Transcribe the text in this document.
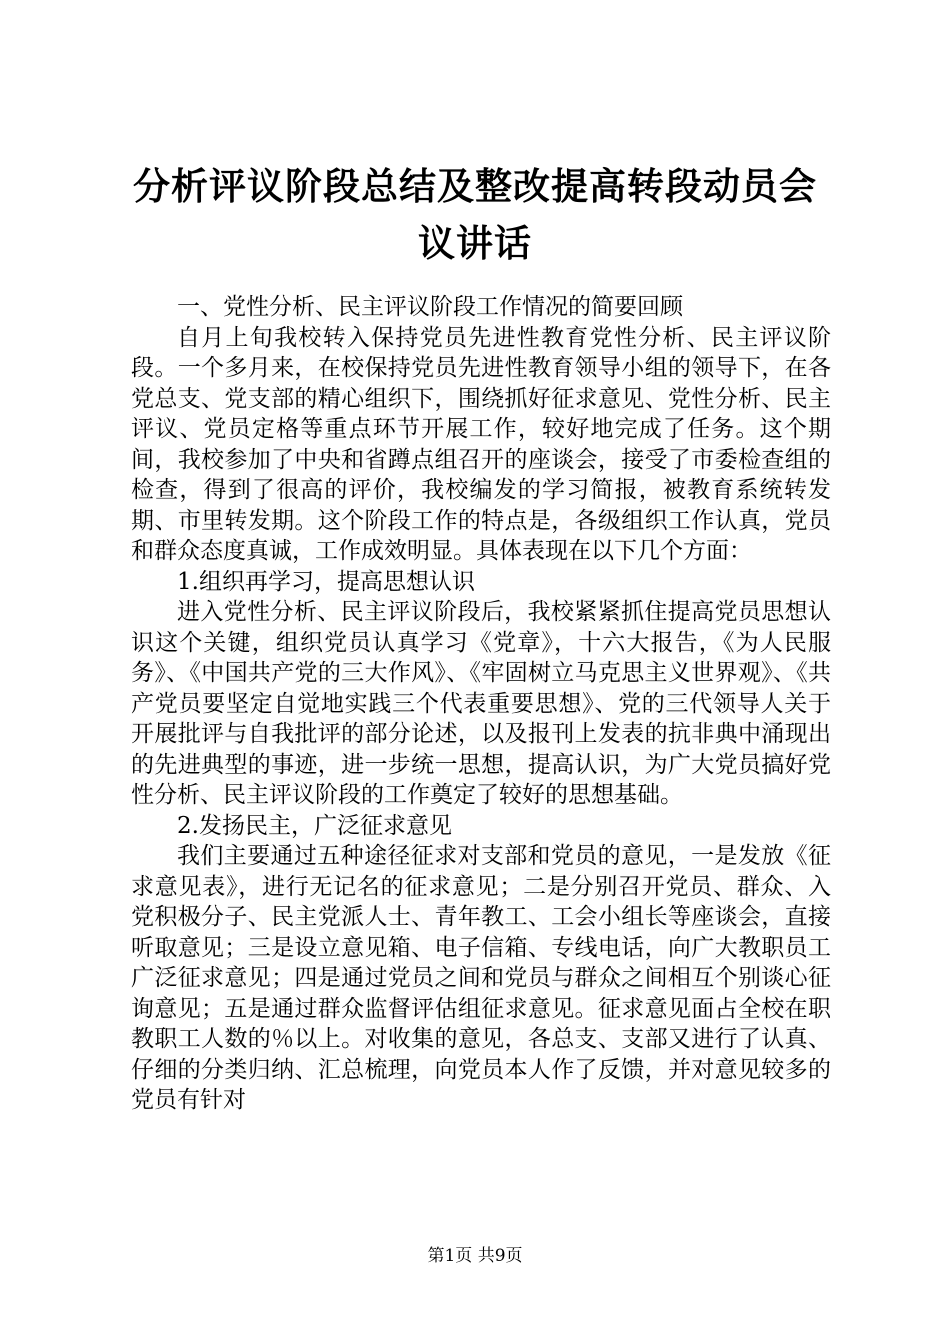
分析评议阶段总结及整改提高转段动员会议讲话

一、党性分析、民主评议阶段工作情况的简要回顾

自月上旬我校转入保持党员先进性教育党性分析、民主评议阶段。一个多月来，在校保持党员先进性教育领导小组的领导下，在各党总支、党支部的精心组织下，围绕抓好征求意见、党性分析、民主评议、党员定格等重点环节开展工作，较好地完成了任务。这个期间，我校参加了中央和省蹲点组召开的座谈会，接受了市委检查组的检查，得到了很高的评价，我校编发的学习简报，被教育系统转发期、市里转发期。这个阶段工作的特点是，各级组织工作认真，党员和群众态度真诚，工作成效明显。具体表现在以下几个方面：

1.组织再学习，提高思想认识

进入党性分析、民主评议阶段后，我校紧紧抓住提高党员思想认识这个关键，组织党员认真学习《党章》，十六大报告，《为人民服务》、《中国共产党的三大作风》、《牢固树立马克思主义世界观》、《共产党员要坚定自觉地实践三个代表重要思想》、党的三代领导人关于开展批评与自我批评的部分论述，以及报刊上发表的抗非典中涌现出的先进典型的事迹，进一步统一思想，提高认识，为广大党员搞好党性分析、民主评议阶段的工作奠定了较好的思想基础。

2.发扬民主，广泛征求意见

我们主要通过五种途径征求对支部和党员的意见，一是发放《征求意见表》，进行无记名的征求意见；二是分别召开党员、群众、入党积极分子、民主党派人士、青年教工、工会小组长等座谈会，直接听取意见；三是设立意见箱、电子信箱、专线电话，向广大教职员工广泛征求意见；四是通过党员之间和党员与群众之间相互个别谈心征询意见；五是通过群众监督评估组征求意见。征求意见面占全校在职教职工人数的％以上。对收集的意见，各总支、支部又进行了认真、仔细的分类归纳、汇总梳理，向党员本人作了反馈，并对意见较多的党员有针对

第1页 共9页
